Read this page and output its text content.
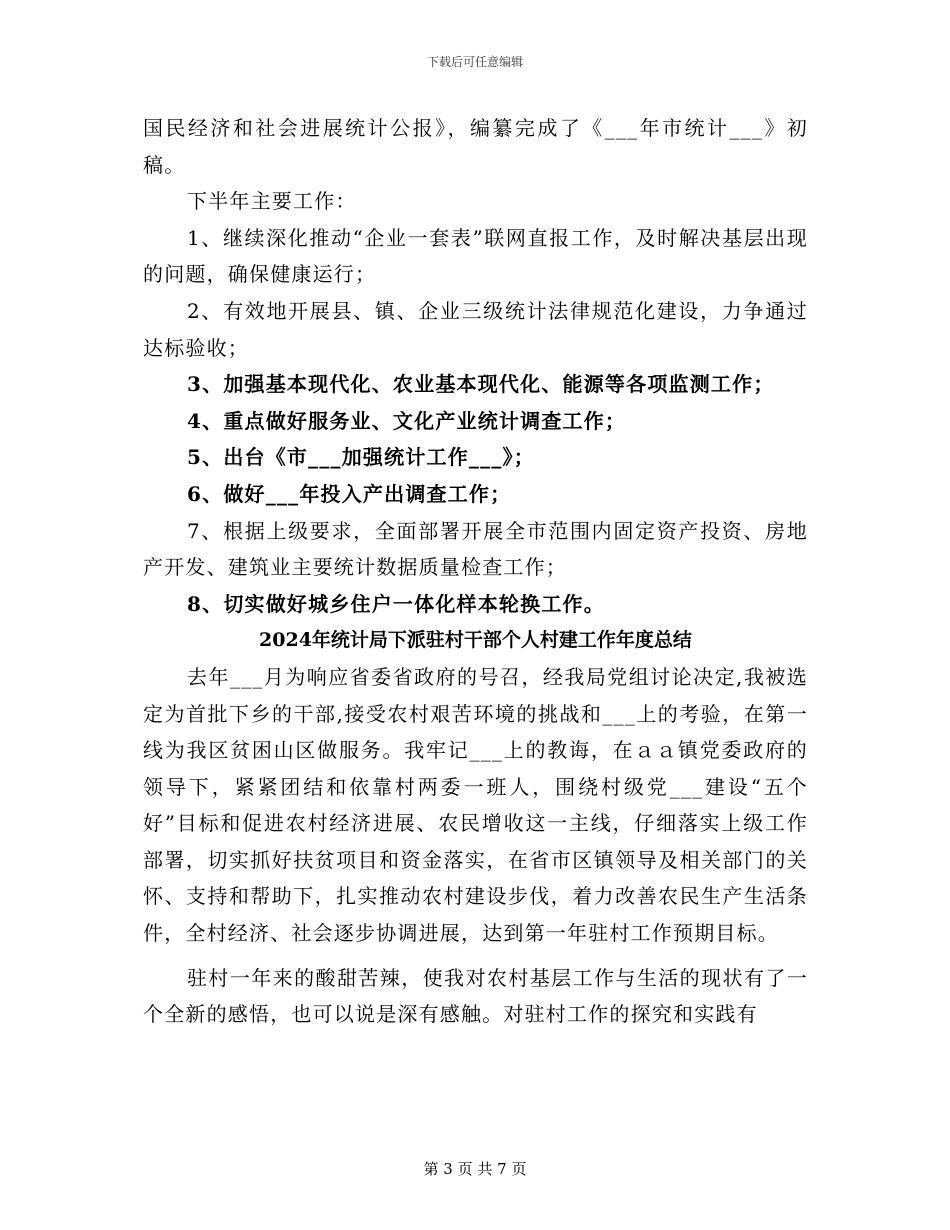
下载后可任意编辑

国民经济和社会进展统计公报》，编纂完成了《___年市统计___》初稿。

下半年主要工作：

1、继续深化推动“企业一套表”联网直报工作，及时解决基层出现的问题，确保健康运行；

2、有效地开展县、镇、企业三级统计法律规范化建设，力争通过达标验收；

3、加强基本现代化、农业基本现代化、能源等各项监测工作；

4、重点做好服务业、文化产业统计调查工作；

5、出台《市___加强统计工作___》；

6、做好___年投入产出调查工作；

7、根据上级要求，全面部署开展全市范围内固定资产投资、房地产开发、建筑业主要统计数据质量检查工作；

8、切实做好城乡住户一体化样本轮换工作。

2024年统计局下派驻村干部个人村建工作年度总结

去年___月为响应省委省政府的号召，经我局党组讨论决定,我被选定为首批下乡的干部,接受农村艰苦环境的挑战和___上的考验，在第一线为我区贫困山区做服务。我牢记___上的教诲，在ａａ镇党委政府的领导下，紧紧团结和依靠村两委一班人，围绕村级党___建设“五个好”目标和促进农村经济进展、农民增收这一主线，仔细落实上级工作部署，切实抓好扶贫项目和资金落实，在省市区镇领导及相关部门的关怀、支持和帮助下，扎实推动农村建设步伐，着力改善农民生产生活条件，全村经济、社会逐步协调进展，达到第一年驻村工作预期目标。

驻村一年来的酸甜苦辣，使我对农村基层工作与生活的现状有了一个全新的感悟，也可以说是深有感触。对驻村工作的探究和实践有

第 3 页 共 7 页
